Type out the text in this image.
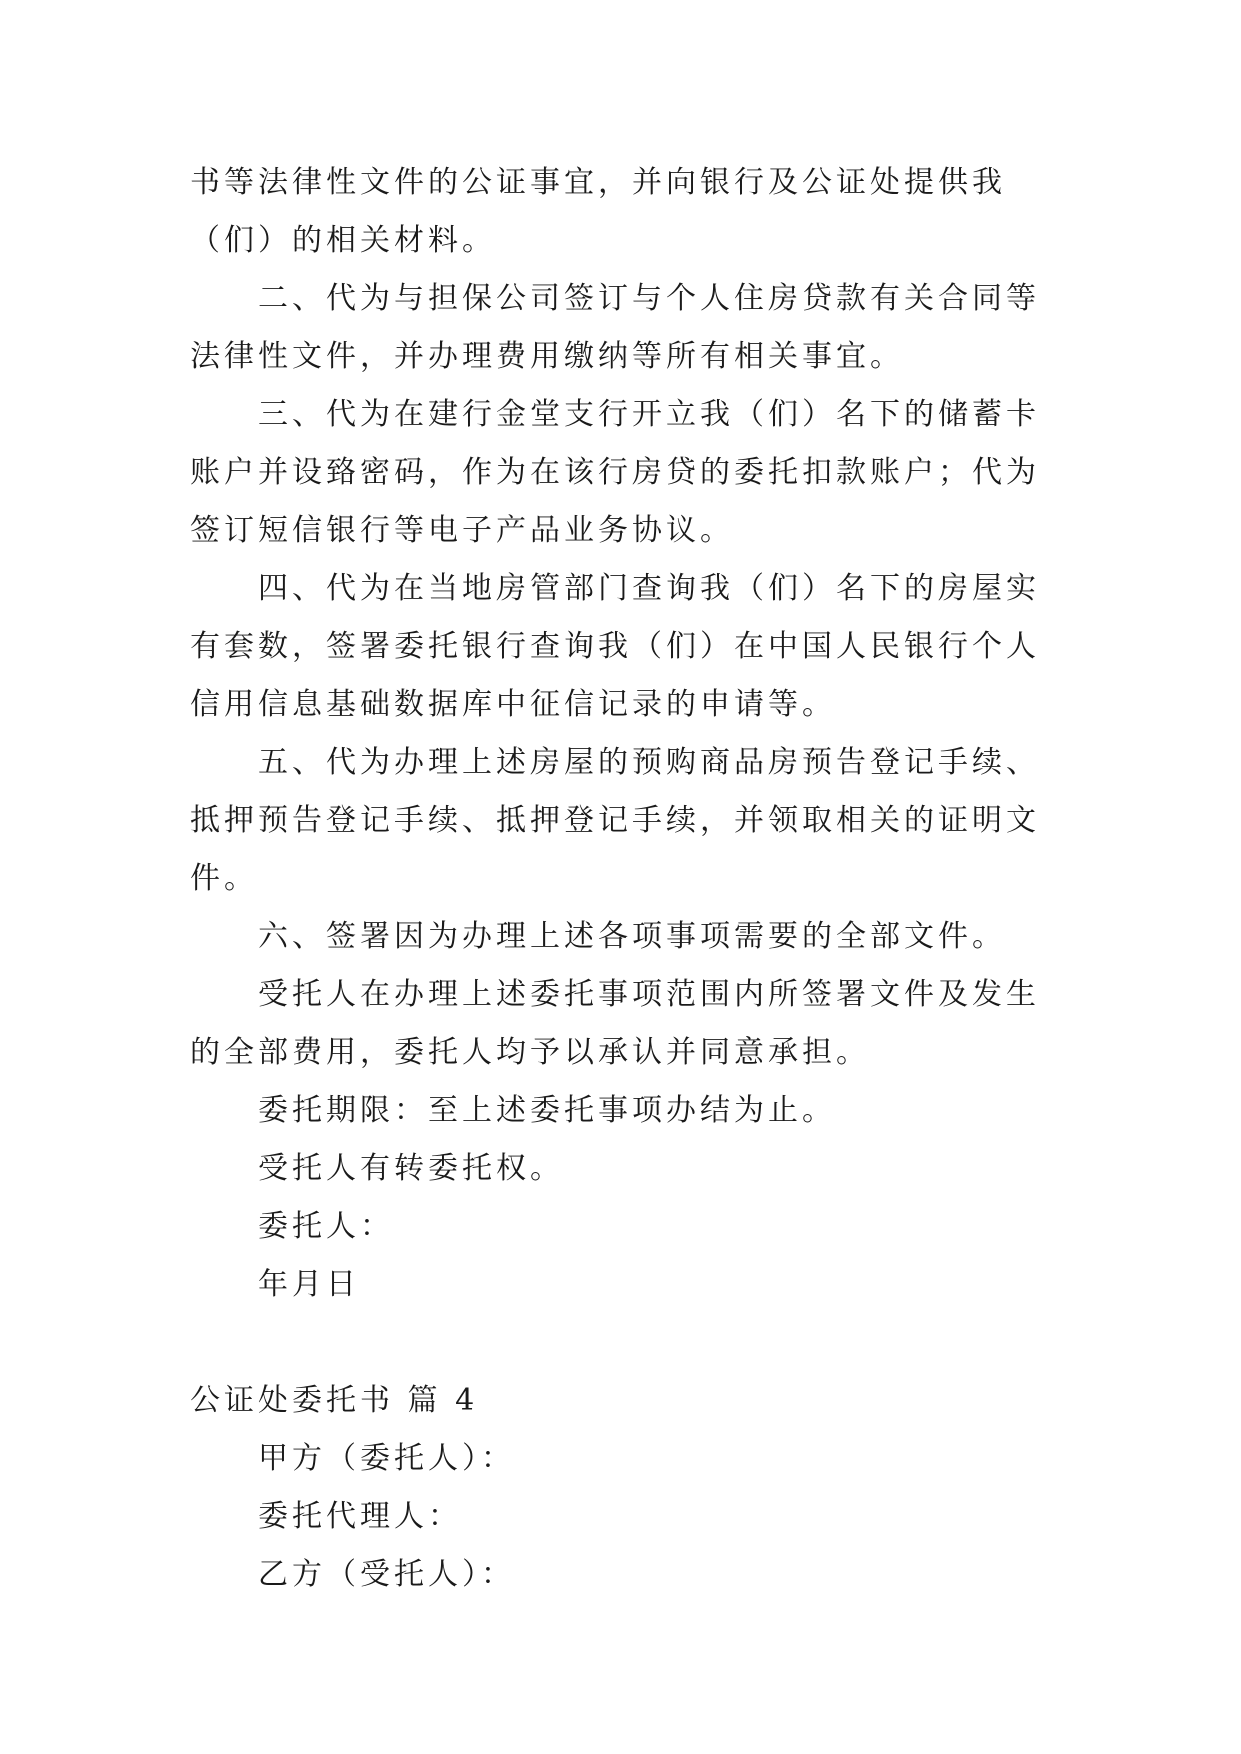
书等法律性文件的公证事宜，并向银行及公证处提供我（们）的相关材料。

二、代为与担保公司签订与个人住房贷款有关合同等法律性文件，并办理费用缴纳等所有相关事宜。

三、代为在建行金堂支行开立我（们）名下的储蓄卡账户并设臵密码，作为在该行房贷的委托扣款账户；代为签订短信银行等电子产品业务协议。

四、代为在当地房管部门查询我（们）名下的房屋实有套数，签署委托银行查询我（们）在中国人民银行个人信用信息基础数据库中征信记录的申请等。

五、代为办理上述房屋的预购商品房预告登记手续、抵押预告登记手续、抵押登记手续，并领取相关的证明文件。

六、签署因为办理上述各项事项需要的全部文件。

受托人在办理上述委托事项范围内所签署文件及发生的全部费用，委托人均予以承认并同意承担。

委托期限：至上述委托事项办结为止。

受托人有转委托权。

委托人：

年月日

公证处委托书 篇 4

甲方（委托人）：

委托代理人：

乙方（受托人）：
